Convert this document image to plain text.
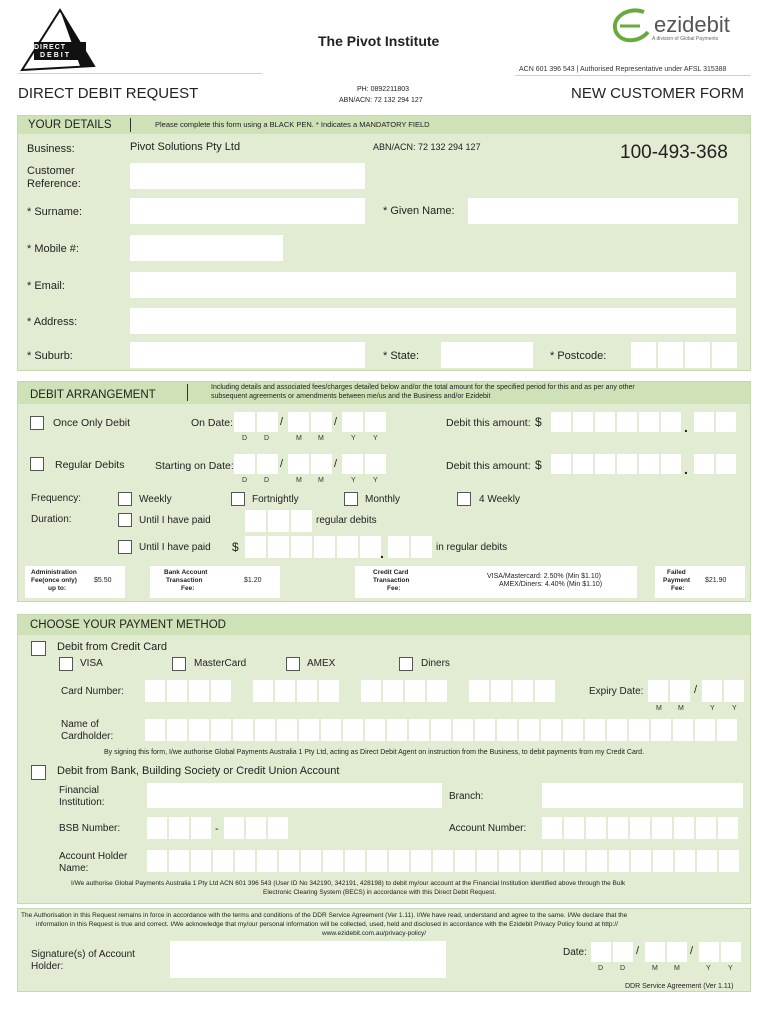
DIRECT
DEBIT
The Pivot Institute
ezidebit
A division of Global Payments
ACN 601 396 543 | Authorised Representative under AFSL 315388
DIRECT DEBIT REQUEST	PH: 0892211803
ABN/ACN: 72 132 294 127	NEW CUSTOMER FORM
YOUR DETAILS	Please complete this form using a BLACK PEN. * Indicates a MANDATORY FIELD
Business:	Pivot Solutions Pty Ltd	ABN/ACN: 72 132 294 127	100-493-368
Customer
Reference:
* Surname:	* Given Name:
* Mobile #:
* Email:
* Address:
* Suburb:	* State:	* Postcode:
DEBIT ARRANGEMENT
Including details and associated fees/charges detailed below and/or the total amount for the specified period for this and as per any other
subsequent agreements or amendments between me/us and the Business and/or Ezidebit
Once Only Debit	On Date:	/	/
D D	M M	Y Y
Debit this amount: $	.
Regular Debits	Starting on Date:	/	/
D D	M M	Y Y
Debit this amount: $	.
Frequency:	Weekly	Fortnightly	Monthly	4 Weekly
Duration:	Until I have paid	regular debits
Until I have paid $	.	in regular debits
Administration
Fee(once only)
up to:
$5.50
Bank Account
Transaction
Fee:
$1.20
Credit Card
Transaction
Fee:
VISA/Mastercard: 2.50% (Min $1.10)
AMEX/Diners: 4.40% (Min $1.10)
Failed
Payment
Fee:
$21.90
CHOOSE YOUR PAYMENT METHOD
Debit from Credit Card
VISA	MasterCard	AMEX	Diners
Card Number:	Expiry Date:	/
M M	Y Y
Name of
Cardholder:
By signing this form, I/we authorise Global Payments Australia 1 Pty Ltd, acting as Direct Debit Agent on instruction from the Business, to debit payments from my Credit Card.
Debit from Bank, Building Society or Credit Union Account
Financial
Institution:
Branch:
BSB Number:	-	Account Number:
Account Holder
Name:
I/We authorise Global Payments Australia 1 Pty Ltd ACN 601 396 543 (User ID No 342190, 342191, 428198) to debit my/our account at the Financial Institution identified above through the Bulk
Electronic Clearing System (BECS) in accordance with this Direct Debit Request.
The Authorisation in this Request remains in force in accordance with the terms and conditions of the DDR Service Agreement (Ver 1.11). I/We have read, understand and agree to the same. I/We declare that the
information in this Request is true and correct. I/We acknowledge that my/our personal information will be collected, used, held and disclosed in accordance with the Ezidebit Privacy Policy found at http://
www.ezidebit.com.au/privacy-policy/
Signature(s) of Account
Holder:
Date:	/	/
D D	M M	Y Y
DDR Service Agreement (Ver 1.11)
